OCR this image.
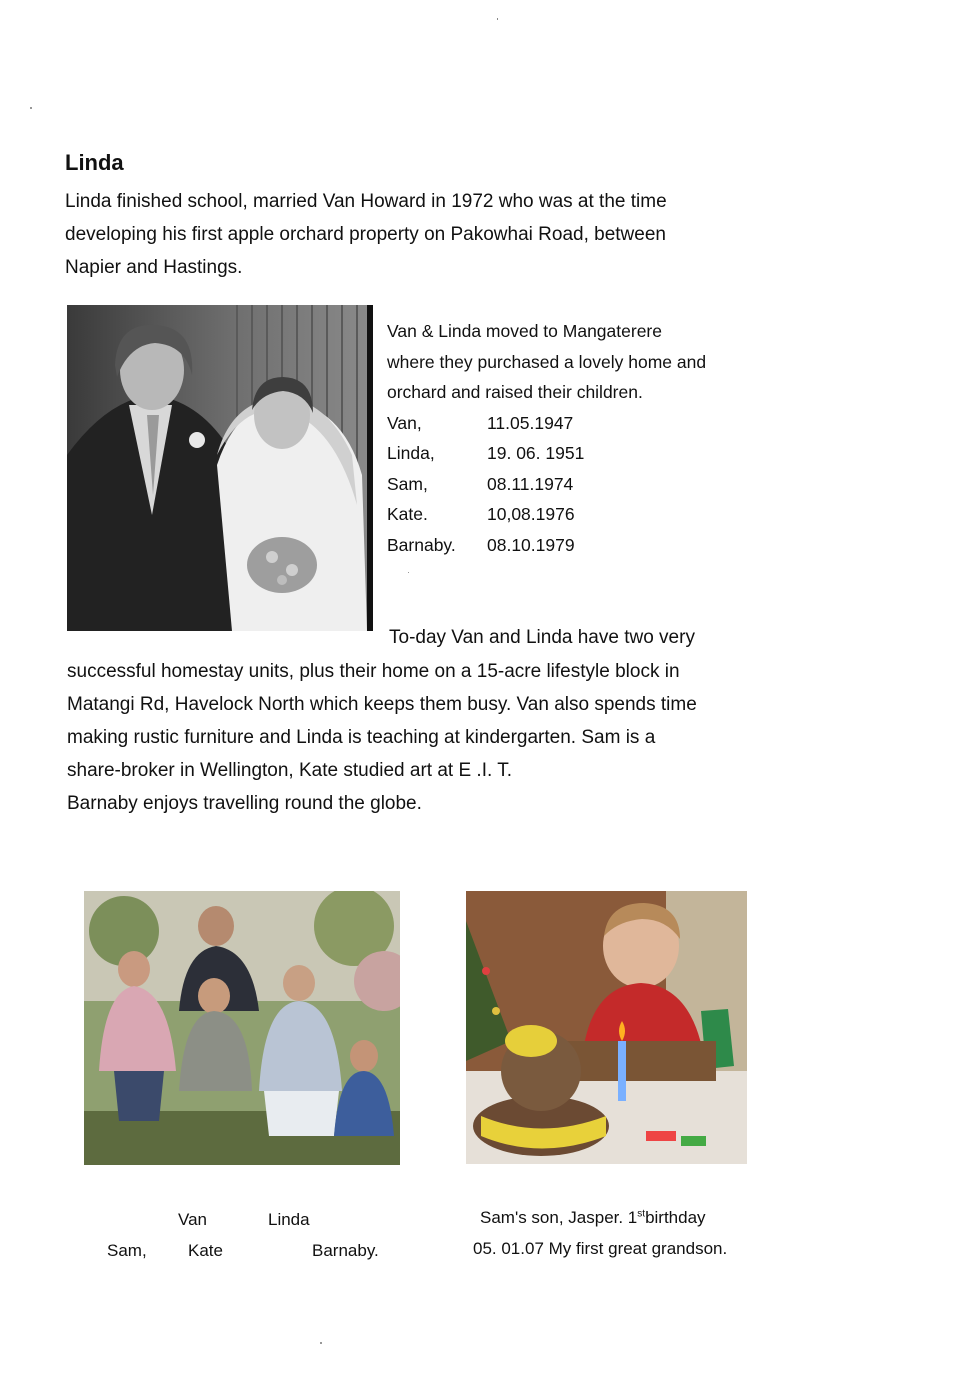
Linda
Linda finished school, married Van Howard in 1972 who was at the time
developing his first apple orchard property on Pakowhai Road, between
Napier and Hastings.
Van & Linda moved to Mangaterere
where they purchased a lovely home and
orchard and raised their children.
Van,	11.05.1947
Linda,	19. 06. 1951
Sam,	08.11.1974
Kate.	10,08.1976
Barnaby. 08.10.1979
To-day Van and Linda have two very
successful homestay units, plus their home on a 15-acre lifestyle block in
Matangi Rd, Havelock North which keeps them busy. Van also spends time
making rustic furniture and Linda is teaching at kindergarten. Sam is a
share-broker in Wellington, Kate studied art at E .I. T.
Barnaby enjoys travelling round the globe.
Van	Linda
Sam, Kate	Barnaby.
Sam's son, Jasper. 1stbirthday
05. 01.07 My first great grandson.
